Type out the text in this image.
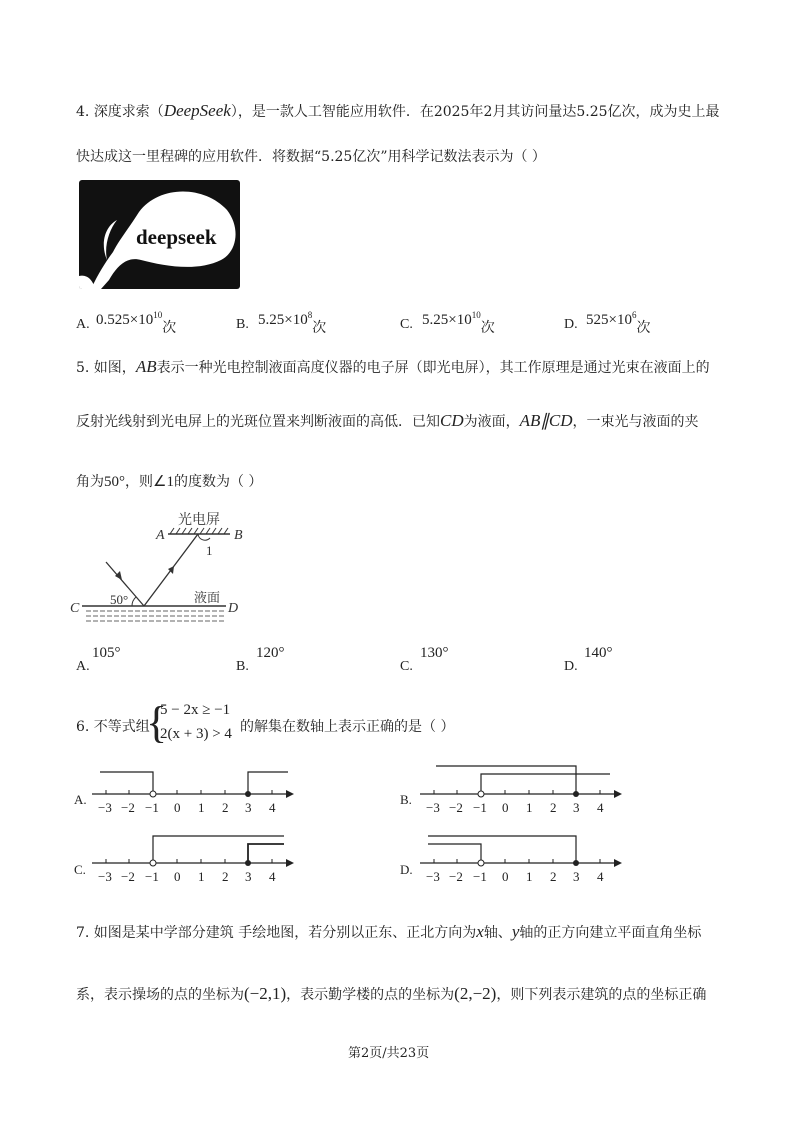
4. 深度求索（DeepSeek），是一款人工智能应用软件．在2025年2月其访问量达5.25亿次，成为史上最
快达成这一里程碑的应用软件．将数据“5.25亿次”用科学记数法表示为（ ）
deepseek
A. $0.525\times 10^{10}$次	B. $5.25\times 10^8$次	C. $5.25\times 10^{10}$次	D. $525\times 10^6$次
5. 如图，AB表示一种光电控制液面高度仪器的电子屏（即光电屏），其工作原理是通过光束在液面上的
反射光线射到光电屏上的光斑位置来判断液面的高低．已知CD为液面，AB∥CD，一束光与液面的夹
角为50°，则∠1的度数为（ ）
光电屏
A	B
1
C	D
50°	液面
A.
105°
B.
120°
C.
130°
D.
140°
6. 不等式组
{
5 − 2x ≥ −1
2(x + 3) > 4 的解集在数轴上表示正确的是（ ）
A.
−3 −2 −1 0 1 2 3 4
B.
−3 −2 −1 0 1 2 3 4
C. −3 −2 −1 0 1 2 3 4	D. −3 −2 −1 0 1 2 3 4
7. 如图是某中学部分建筑 手绘地图，若分别以正东、正北方向为x轴、y轴的正方向建立平面直角坐标
系，表示操场的点的坐标为(−2,1)，表示勤学楼的点的坐标为(2,−2)，则下列表示建筑的点的坐标正确
第2页/共23页
